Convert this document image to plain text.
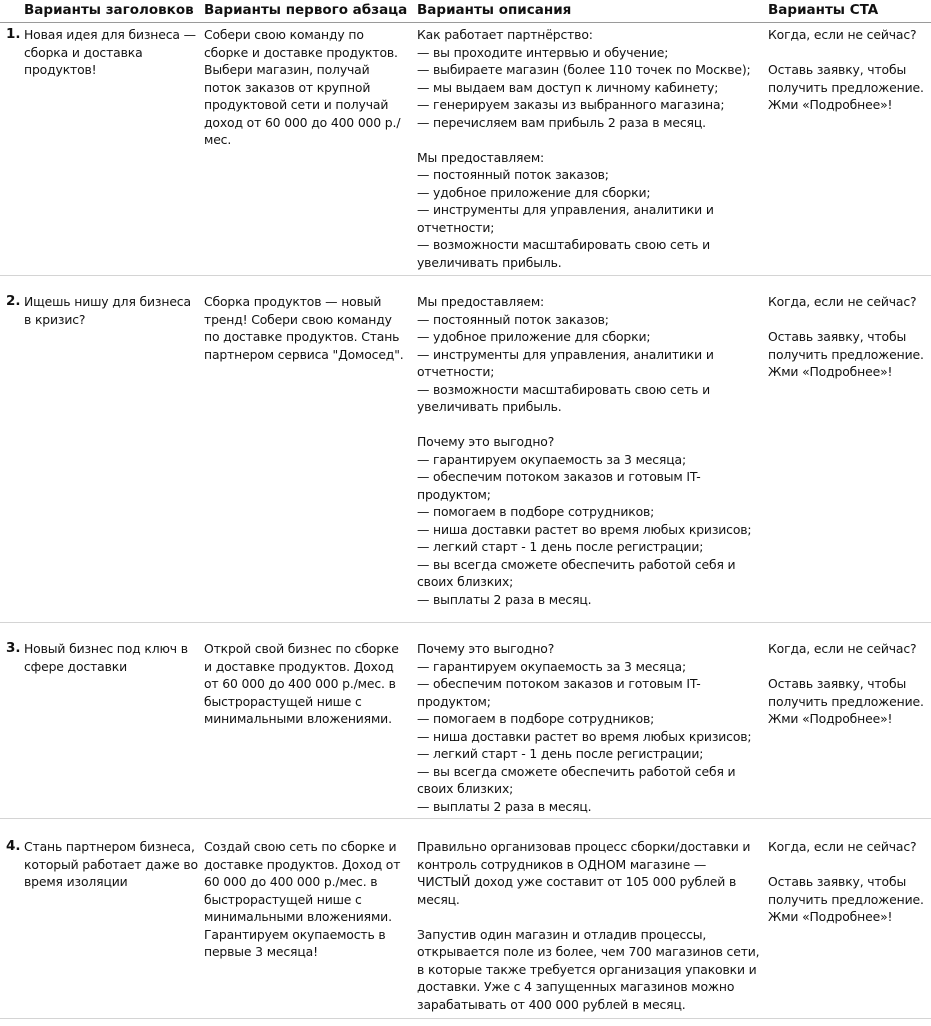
Варианты заголовков Варианты первого абзаца Варианты описания	Варианты CTA
1. Новая идея для бизнеса — сборка и доставка продуктов!
Собери свою команду по сборке и доставке продуктов. Выбери магазин, получай поток заказов от крупной продуктовой сети и получай доход от 60 000 до 400 000 р./мес.
Как работает партнёрство:
— вы проходите интервью и обучение;
— выбираете магазин (более 110 точек по Москве);
— мы выдаем вам доступ к личному кабинету;
— генерируем заказы из выбранного магазина;
— перечисляем вам прибыль 2 раза в месяц.

Мы предоставляем:
— постоянный поток заказов;
— удобное приложение для сборки;
— инструменты для управления, аналитики и отчетности;
— возможности масштабировать свою сеть и увеличивать прибыль.
Когда, если не сейчас?

Оставь заявку, чтобы получить предложение. Жми «Подробнее»!
2. Ищешь нишу для бизнеса в кризис?
Сборка продуктов — новый тренд! Собери свою команду по доставке продуктов. Стань партнером сервиса "Домосед".
Мы предоставляем:
— постоянный поток заказов;
— удобное приложение для сборки;
— инструменты для управления, аналитики и отчетности;
— возможности масштабировать свою сеть и увеличивать прибыль.

Почему это выгодно?
— гарантируем окупаемость за 3 месяца;
— обеспечим потоком заказов и готовым IT-продуктом;
— помогаем в подборе сотрудников;
— ниша доставки растет во время любых кризисов;
— легкий старт - 1 день после регистрации;
— вы всегда сможете обеспечить работой себя и своих близких;
— выплаты 2 раза в месяц.
Когда, если не сейчас?

Оставь заявку, чтобы получить предложение. Жми «Подробнее»!
3. Новый бизнес под ключ в сфере доставки
Открой свой бизнес по сборке и доставке продуктов. Доход от 60 000 до 400 000 р./мес. в быстрорастущей нише с минимальными вложениями.
Почему это выгодно?
— гарантируем окупаемость за 3 месяца;
— обеспечим потоком заказов и готовым IT-продуктом;
— помогаем в подборе сотрудников;
— ниша доставки растет во время любых кризисов;
— легкий старт - 1 день после регистрации;
— вы всегда сможете обеспечить работой себя и своих близких;
— выплаты 2 раза в месяц.
Когда, если не сейчас?

Оставь заявку, чтобы получить предложение. Жми «Подробнее»!
4. Стань партнером бизнеса, который работает даже во время изоляции
Создай свою сеть по сборке и доставке продуктов. Доход от 60 000 до 400 000 р./мес. в быстрорастущей нише с минимальными вложениями. Гарантируем окупаемость в первые 3 месяца!
Правильно организовав процесс сборки/доставки и контроль сотрудников в ОДНОМ магазине — ЧИСТЫЙ доход уже составит от 105 000 рублей в месяц.

Запустив один магазин и отладив процессы, открывается поле из более, чем 700 магазинов сети, в которые также требуется организация упаковки и доставки. Уже с 4 запущенных магазинов можно зарабатывать от 400 000 рублей в месяц.
Когда, если не сейчас?

Оставь заявку, чтобы получить предложение. Жми «Подробнее»!
